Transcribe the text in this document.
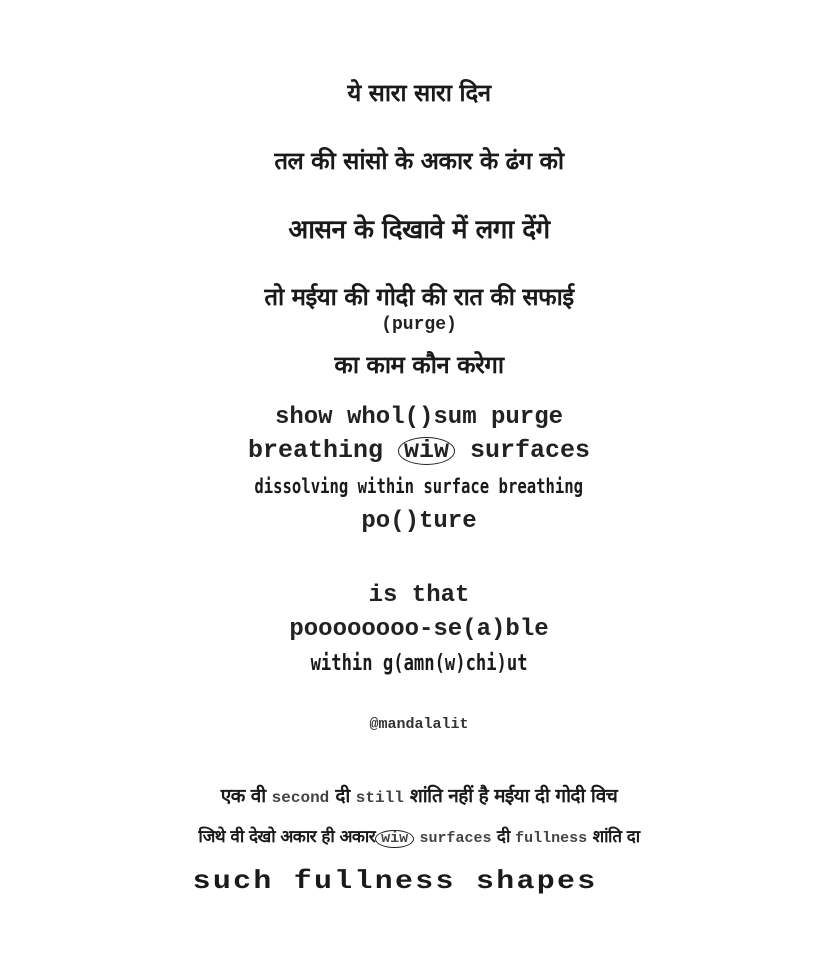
ये सारा सारा दिन
तल की सांसो के अकार के ढंग को
आसन के दिखावे में लगा देंगे
तो मईया की गोदी की रात की सफाई
(purge)
का काम कौन करेगा
show whol()sum purge
breathing wiw surfaces
dissolving within surface breathing
po()ture
is that
poooooooo-se(a)ble
within g(amn(w)chi)ut
@mandalalit
एक वी second दी still शांति नहीं है मईया दी गोदी विच
जिथे वी देखो अकार ही अकार wiw surfaces दी fullness शांति दा
such fullness shapes
